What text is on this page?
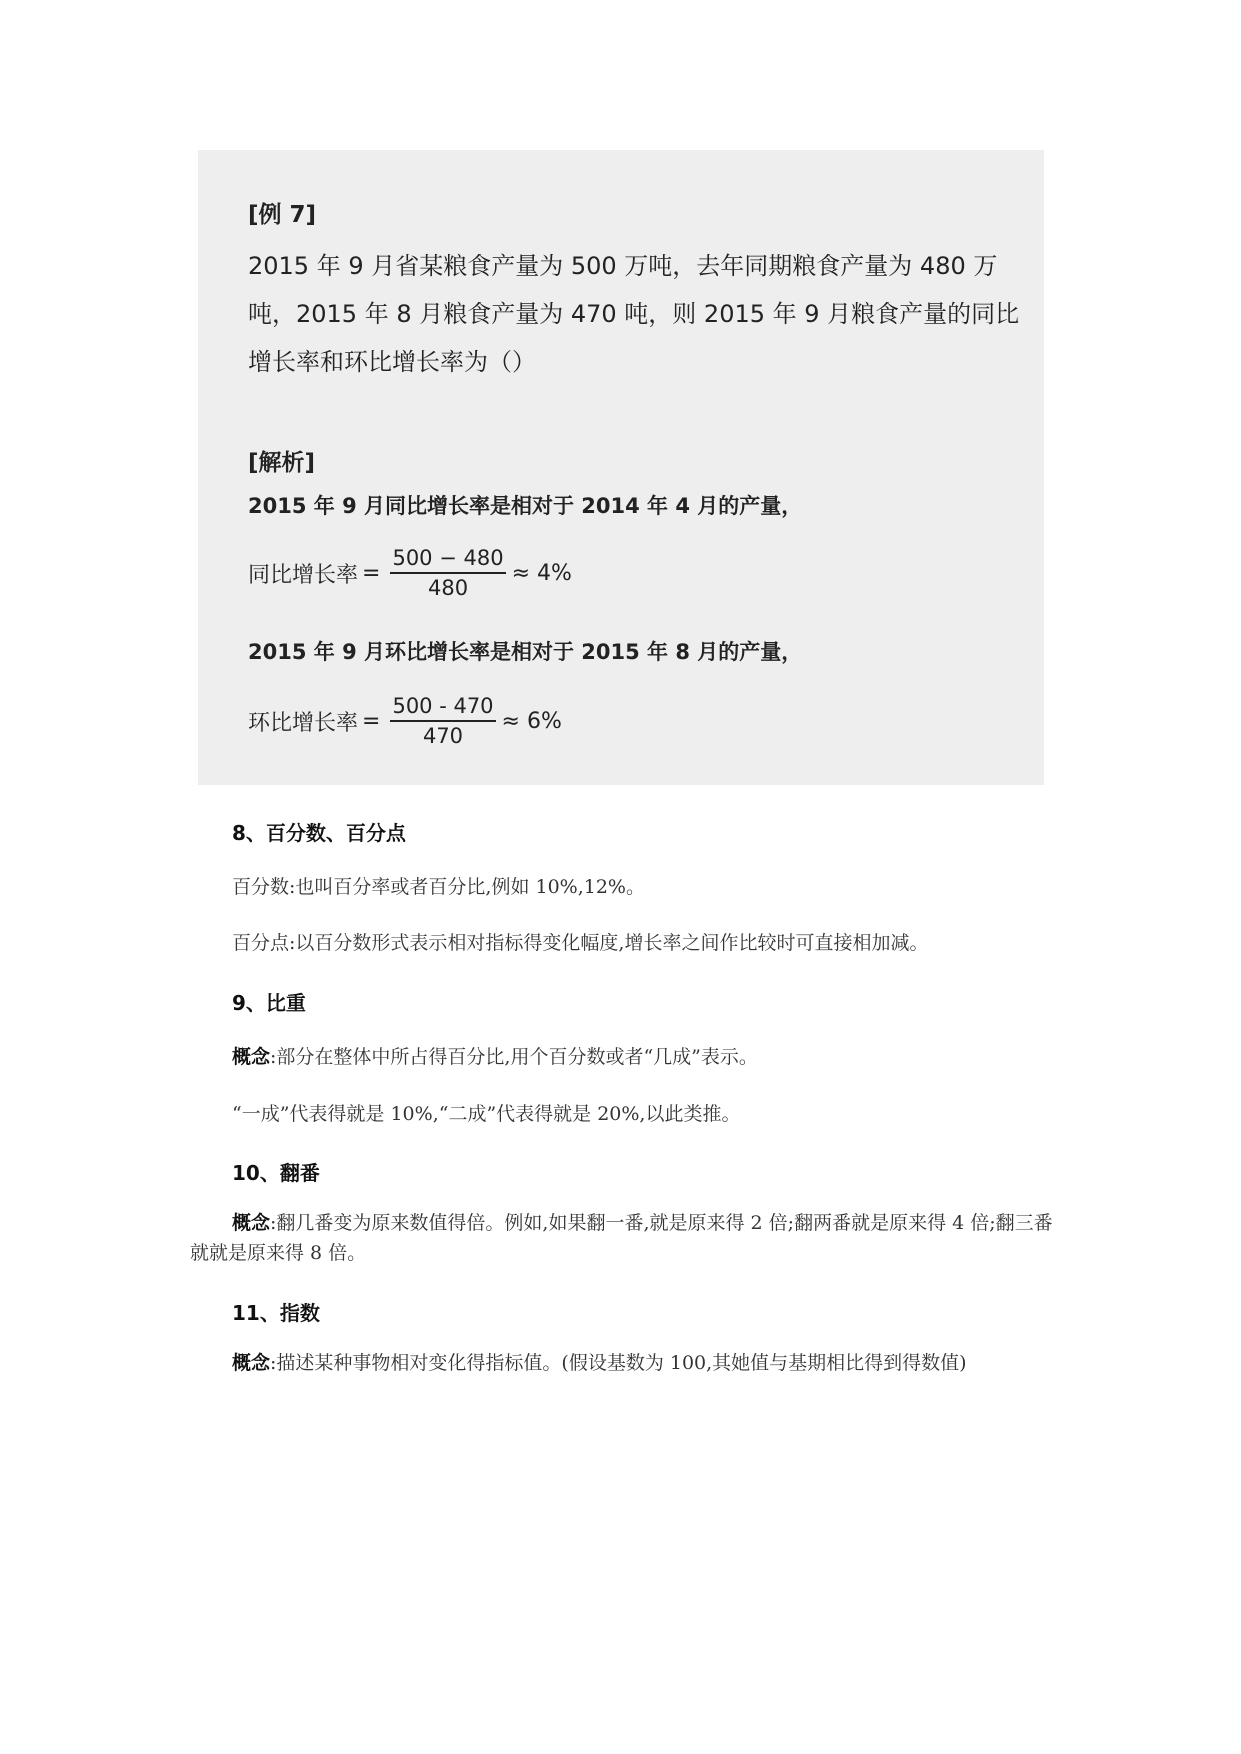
[例 7]
2015 年 9 月省某粮食产量为 500 万吨，去年同期粮食产量为 480 万
吨，2015 年 8 月粮食产量为 470 吨，则 2015 年 9 月粮食产量的同比
增长率和环比增长率为（）
[解析]
2015 年 9 月同比增长率是相对于 2014 年 4 月的产量，
同比增长率 = $\frac{500 - 480}{480} \approx 4\%$
2015 年 9 月环比增长率是相对于 2015 年 8 月的产量，
环比增长率 = $\frac{500 - 470}{470} \approx 6\%$
8、百分数、百分点
百分数:也叫百分率或者百分比,例如 10%,12%。
百分点:以百分数形式表示相对指标得变化幅度,增长率之间作比较时可直接相加减。
9、比重
概念:部分在整体中所占得百分比,用个百分数或者“几成”表示。
“一成”代表得就是 10%,“二成”代表得就是 20%,以此类推。
10、翻番
概念:翻几番变为原来数值得倍。例如,如果翻一番,就是原来得 2 倍;翻两番就是原来得 4 倍;翻三番就就是原来得 8 倍。
11、指数
概念:描述某种事物相对变化得指标值。(假设基数为 100,其她值与基期相比得到得数值)
